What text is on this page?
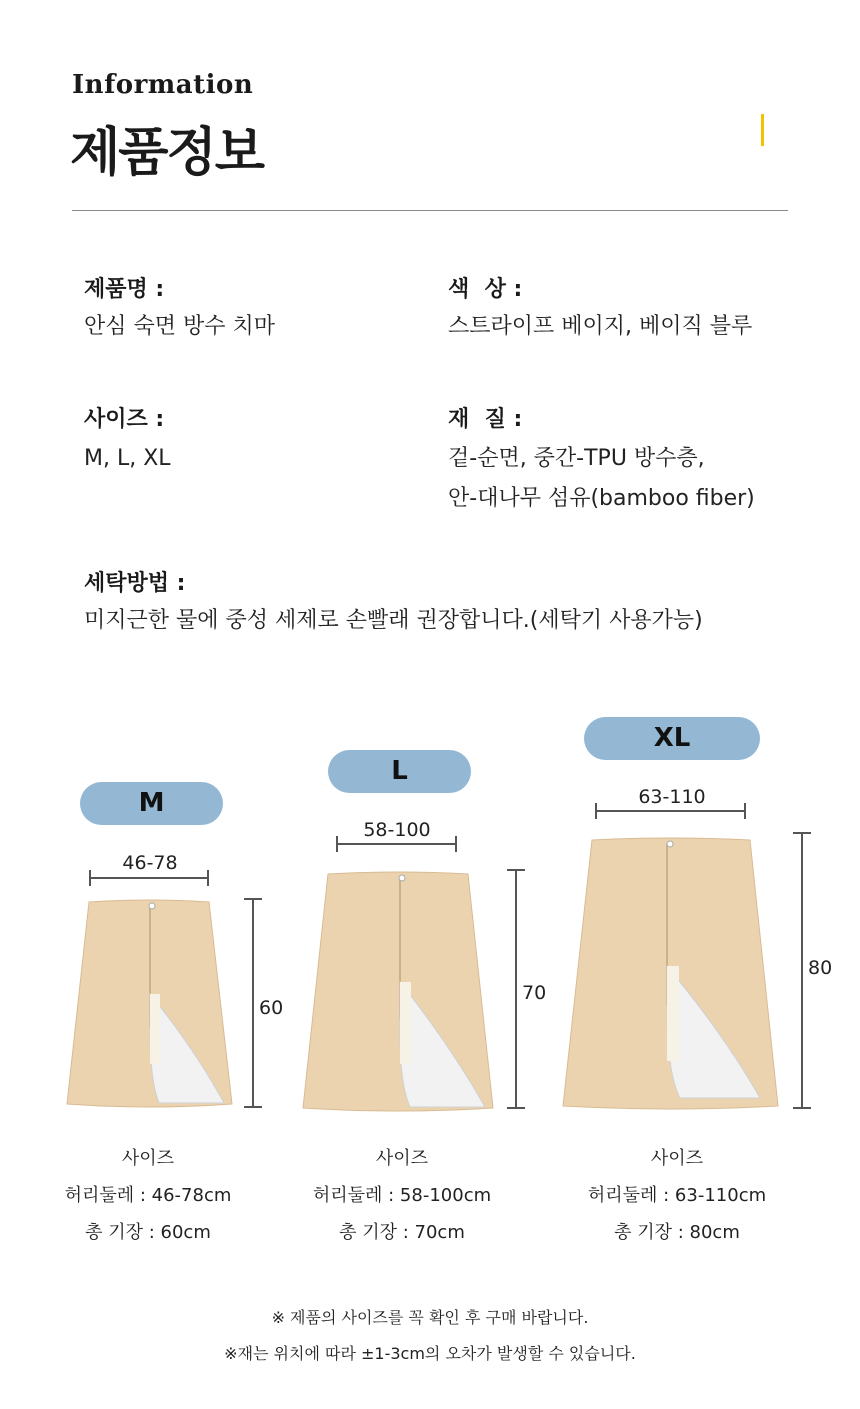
Information
제품정보
제품명 :
안심 숙면 방수 치마
색  상 :
스트라이프 베이지, 베이직 블루
사이즈 :
M, L, XL
재  질 :
겉-순면, 중간-TPU 방수층,
안-대나무 섬유(bamboo fiber)
세탁방법 :
미지근한 물에 중성 세제로 손빨래 권장합니다.(세탁기 사용가능)
M
46-78
60
사이즈
허리둘레 : 46-78cm
총 기장 : 60cm
L
58-100
70
사이즈
허리둘레 : 58-100cm
총 기장 : 70cm
XL
63-110
80
사이즈
허리둘레 : 63-110cm
총 기장 : 80cm
※ 제품의 사이즈를 꼭 확인 후 구매 바랍니다.
※재는 위치에 따라 ±1-3cm의 오차가 발생할 수 있습니다.
